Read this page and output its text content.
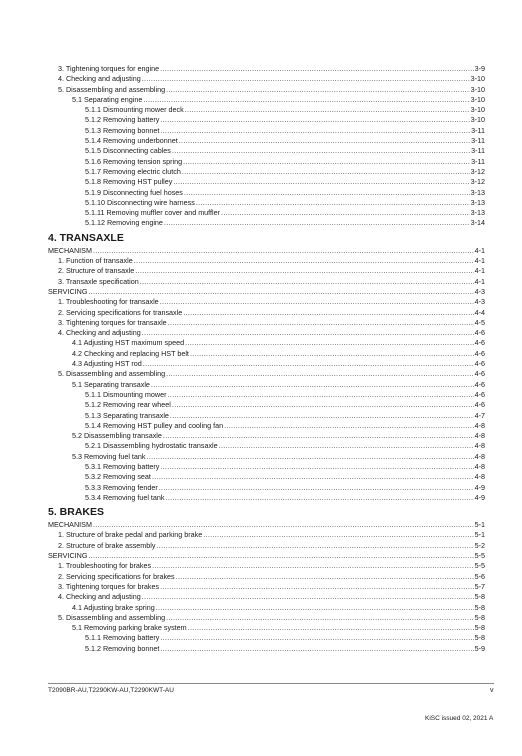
3. Tightening torques for engine .....	3-9
4. Checking and adjusting .....	3-10
5. Disassembling and assembling .....	3-10
5.1 Separating engine .....	3-10
5.1.1 Dismounting mower deck .....	3-10
5.1.2 Removing battery .....	3-10
5.1.3 Removing bonnet .....	3-11
5.1.4 Removing underbonnet .....	3-11
5.1.5 Disconnecting cables .....	3-11
5.1.6 Removing tension spring .....	3-11
5.1.7 Removing electric clutch .....	3-12
5.1.8 Removing HST pulley .....	3-12
5.1.9 Disconnecting fuel hoses .....	3-13
5.1.10 Disconnecting wire harness .....	3-13
5.1.11 Removing muffler cover and muffler .....	3-13
5.1.12 Removing engine .....	3-14
4. TRANSAXLE
MECHANISM .....	4-1
1. Function of transaxle .....	4-1
2. Structure of transaxle .....	4-1
3. Transaxle specification .....	4-1
SERVICING .....	4-3
1. Troubleshooting for transaxle .....	4-3
2. Servicing specifications for transaxle .....	4-4
3. Tightening torques for transaxle .....	4-5
4. Checking and adjusting .....	4-6
4.1 Adjusting HST maximum speed .....	4-6
4.2 Checking and replacing HST belt .....	4-6
4.3 Adjusting HST rod .....	4-6
5. Disassembling and assembling .....	4-6
5.1 Separating transaxle .....	4-6
5.1.1 Dismounting mower .....	4-6
5.1.2 Removing rear wheel .....	4-6
5.1.3 Separating transaxle .....	4-7
5.1.4 Removing HST pulley and cooling fan .....	4-8
5.2 Disassembling transaxle .....	4-8
5.2.1 Disassembling hydrostatic transaxle .....	4-8
5.3 Removing fuel tank .....	4-8
5.3.1 Removing battery .....	4-8
5.3.2 Removing seat .....	4-8
5.3.3 Removing fender .....	4-9
5.3.4 Removing fuel tank .....	4-9
5. BRAKES
MECHANISM .....	5-1
1. Structure of brake pedal and parking brake .....	5-1
2. Structure of brake assembly .....	5-2
SERVICING .....	5-5
1. Troubleshooting for brakes .....	5-5
2. Servicing specifications for brakes .....	5-6
3. Tightening torques for brakes .....	5-7
4. Checking and adjusting .....	5-8
4.1 Adjusting brake spring .....	5-8
5. Disassembling and assembling .....	5-8
5.1 Removing parking brake system .....	5-8
5.1.1 Removing battery .....	5-8
5.1.2 Removing bonnet .....	5-9
T2090BR-AU,T2290KW-AU,T2290KWT-AU	v
KiSC issued 02, 2021 A
